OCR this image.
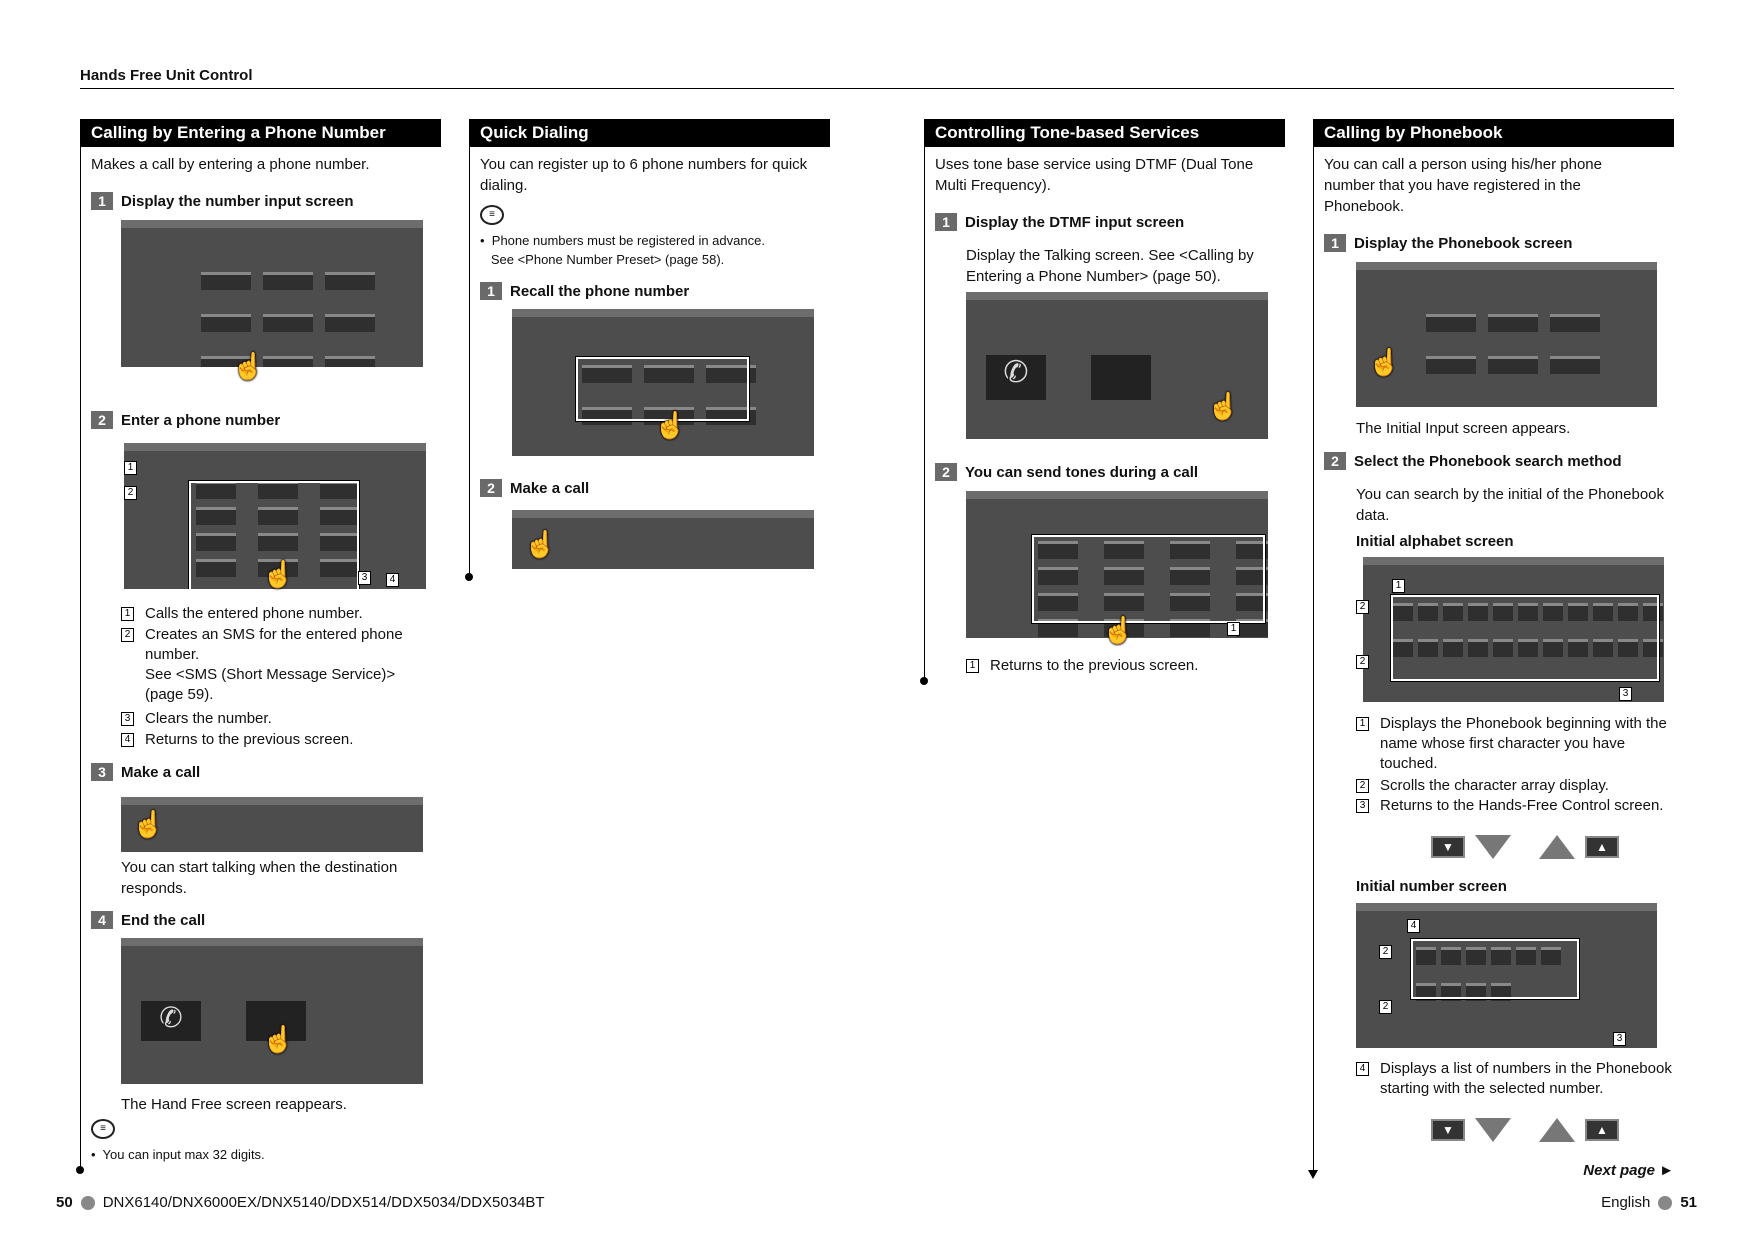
Hands Free Unit Control
Calling by Entering a Phone Number
Makes a call by entering a phone number.
1	Display the number input screen
☝
2	Enter a phone number
1
2
3	4
☝
1 Calls the entered phone number.
2 Creates an SMS for the entered phone number.
See <SMS (Short Message Service)> (page 59).
3 Clears the number.
4 Returns to the previous screen.
3	Make a call
☝
You can start talking when the destination responds.
4	End the call
✆
☝
The Hand Free screen reappears.
≡
•  You can input max 32 digits.
Quick Dialing
You can register up to 6 phone numbers for quick dialing.
≡
•  Phone numbers must be registered in advance.
See <Phone Number Preset> (page 58).
1	Recall the phone number
☝
2	Make a call
☝
Controlling Tone-based Services
Uses tone base service using DTMF (Dual Tone Multi Frequency).
1	Display the DTMF input screen
Display the Talking screen. See <Calling by Entering a Phone Number> (page 50).
✆
☝
2	You can send tones during a call
1
☝
1 Returns to the previous screen.
Calling by Phonebook
You can call a person using his/her phone number that you have registered in the Phonebook.
1	Display the Phonebook screen
☝
The Initial Input screen appears.
2	Select the Phonebook search method
You can search by the initial of the Phonebook data.
Initial alphabet screen
1
2
2
3
1 Displays the Phonebook beginning with the name whose first character you have touched.
2 Scrolls the character array display.
3 Returns to the Hands-Free Control screen.
▼	▲
Initial number screen
4
2
2
3
4 Displays a list of numbers in the Phonebook starting with the selected number.
▼	▲
Next page ►
50 DNX6140/DNX6000EX/DNX5140/DDX514/DDX5034/DDX5034BT	English 51
